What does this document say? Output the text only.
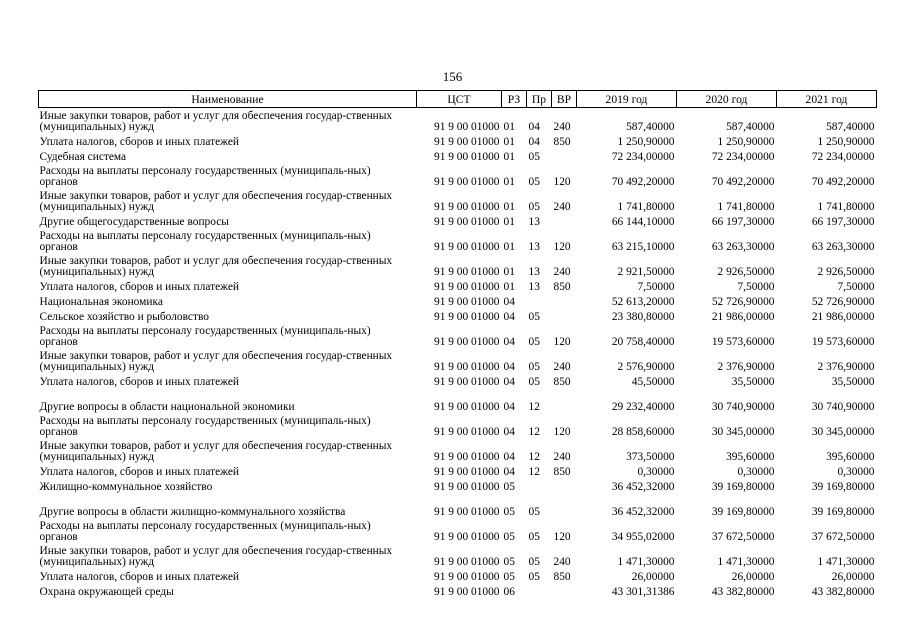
156
Наименование	ЦСТ	РЗ	Пр	ВР	2019 год	2020 год	2021 год
Иные закупки товаров, работ и услуг для обеспечения государ-ственных (муниципальных) нужд	91 9 00 01000	01	04	240	587,40000	587,40000	587,40000
Уплата налогов, сборов и иных платежей	91 9 00 01000	01	04	850	1 250,90000	1 250,90000	1 250,90000
Судебная система	91 9 00 01000	01	05		72 234,00000	72 234,00000	72 234,00000
Расходы на выплаты персоналу государственных (муниципаль-ных) органов	91 9 00 01000	01	05	120	70 492,20000	70 492,20000	70 492,20000
Иные закупки товаров, работ и услуг для обеспечения государ-ственных (муниципальных) нужд	91 9 00 01000	01	05	240	1 741,80000	1 741,80000	1 741,80000
Другие общегосударственные вопросы	91 9 00 01000	01	13		66 144,10000	66 197,30000	66 197,30000
Расходы на выплаты персоналу государственных (муниципаль-ных) органов	91 9 00 01000	01	13	120	63 215,10000	63 263,30000	63 263,30000
Иные закупки товаров, работ и услуг для обеспечения государ-ственных (муниципальных) нужд	91 9 00 01000	01	13	240	2 921,50000	2 926,50000	2 926,50000
Уплата налогов, сборов и иных платежей	91 9 00 01000	01	13	850	7,50000	7,50000	7,50000
Национальная экономика	91 9 00 01000	04			52 613,20000	52 726,90000	52 726,90000
Сельское хозяйство и рыболовство	91 9 00 01000	04	05		23 380,80000	21 986,00000	21 986,00000
Расходы на выплаты персоналу государственных (муниципаль-ных) органов	91 9 00 01000	04	05	120	20 758,40000	19 573,60000	19 573,60000
Иные закупки товаров, работ и услуг для обеспечения государ-ственных (муниципальных) нужд	91 9 00 01000	04	05	240	2 576,90000	2 376,90000	2 376,90000
Уплата налогов, сборов и иных платежей	91 9 00 01000	04	05	850	45,50000	35,50000	35,50000
Другие вопросы в области национальной экономики	91 9 00 01000	04	12		29 232,40000	30 740,90000	30 740,90000
Расходы на выплаты персоналу государственных (муниципаль-ных) органов	91 9 00 01000	04	12	120	28 858,60000	30 345,00000	30 345,00000
Иные закупки товаров, работ и услуг для обеспечения государ-ственных (муниципальных) нужд	91 9 00 01000	04	12	240	373,50000	395,60000	395,60000
Уплата налогов, сборов и иных платежей	91 9 00 01000	04	12	850	0,30000	0,30000	0,30000
Жилищно-коммунальное хозяйство	91 9 00 01000	05			36 452,32000	39 169,80000	39 169,80000
Другие вопросы в области жилищно-коммунального хозяйства	91 9 00 01000	05	05		36 452,32000	39 169,80000	39 169,80000
Расходы на выплаты персоналу государственных (муниципаль-ных) органов	91 9 00 01000	05	05	120	34 955,02000	37 672,50000	37 672,50000
Иные закупки товаров, работ и услуг для обеспечения государ-ственных (муниципальных) нужд	91 9 00 01000	05	05	240	1 471,30000	1 471,30000	1 471,30000
Уплата налогов, сборов и иных платежей	91 9 00 01000	05	05	850	26,00000	26,00000	26,00000
Охрана окружающей среды	91 9 00 01000	06			43 301,31386	43 382,80000	43 382,80000
